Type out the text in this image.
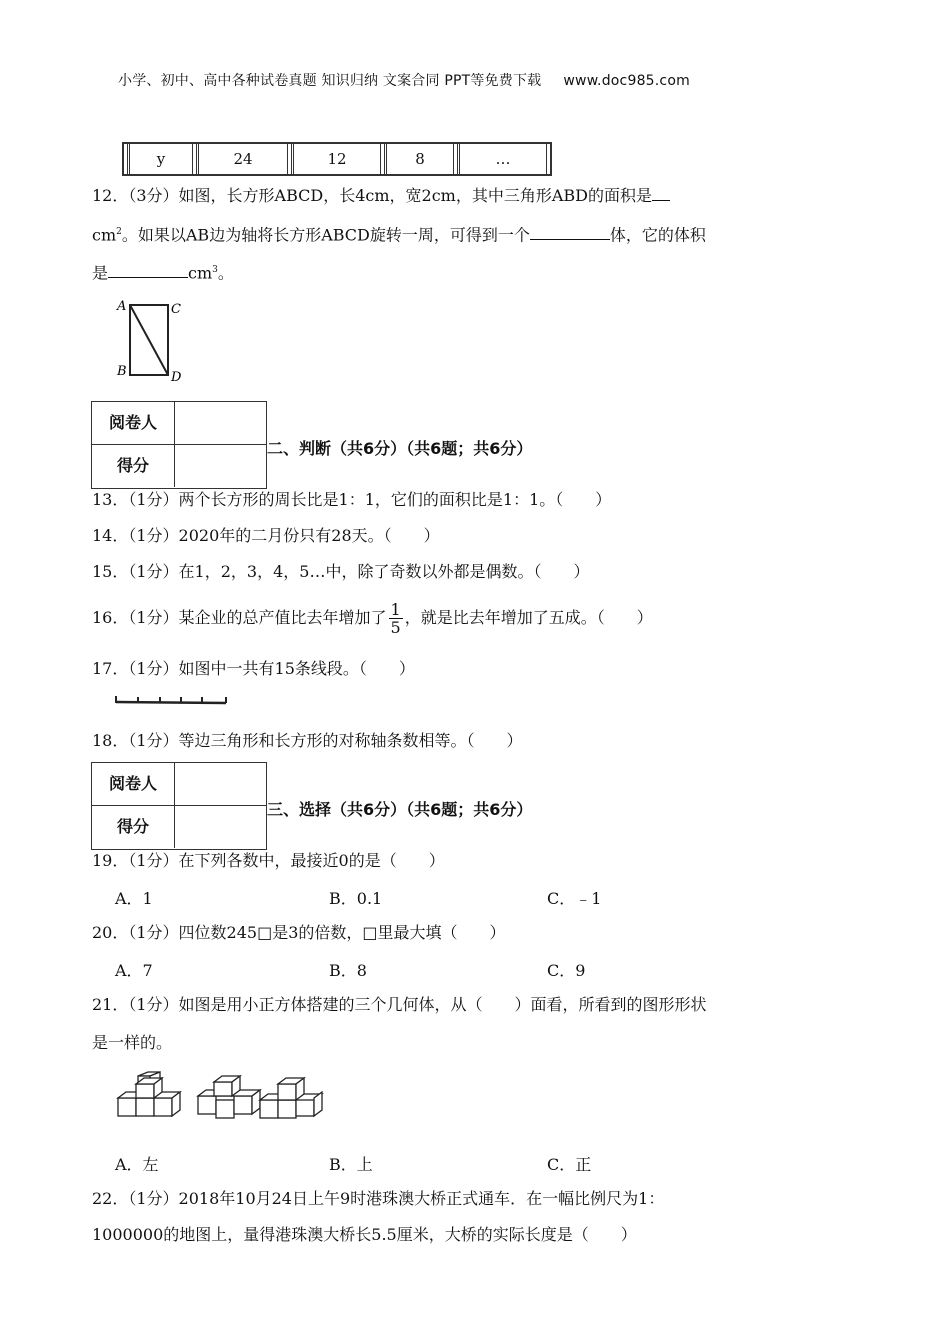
小学、初中、高中各种试卷真题 知识归纳 文案合同 PPT等免费下载 www.doc985.com
y	24	12	8	…
12．（3分）如图，长方形ABCD，长4cm，宽2cm，其中三角形ABD的面积是
$cm^2$。如果以AB边为轴将长方形ABCD旋转一周，可得到一个	体，它的体积
是	$cm^3$。
A	C
B	D
阅卷人
得分
二、判断（共6分）（共6题；共6分）
13．（1分）两个长方形的周长比是1：1，它们的面积比是1：1。（　　）
14．（1分）2020年的二月份只有28天。（　　）
15．（1分）在1，2，3，4，5…中，除了奇数以外都是偶数。（　　）
16．（1分）某企业的总产值比去年增加了 $\frac{1}{5}$ ，就是比去年增加了五成。（　　）
17．（1分）如图中一共有15条线段。（　　）
18．（1分）等边三角形和长方形的对称轴条数相等。（　　）
阅卷人
得分
三、选择（共6分）（共6题；共6分）
19．（1分）在下列各数中，最接近0的是（　　）
A．1	B．0.1	C．﹣1
20．（1分）四位数245□是3的倍数，□里最大填（　　）
A．7	B．8	C．9
21．（1分）如图是用小正方体搭建的三个几何体，从（　　）面看，所看到的图形形状
是一样的。
A．左	B．上	C．正
22．（1分）2018年10月24日上午9时港珠澳大桥正式通车．在一幅比例尺为1：
1000000的地图上，量得港珠澳大桥长5.5厘米，大桥的实际长度是（　　）
